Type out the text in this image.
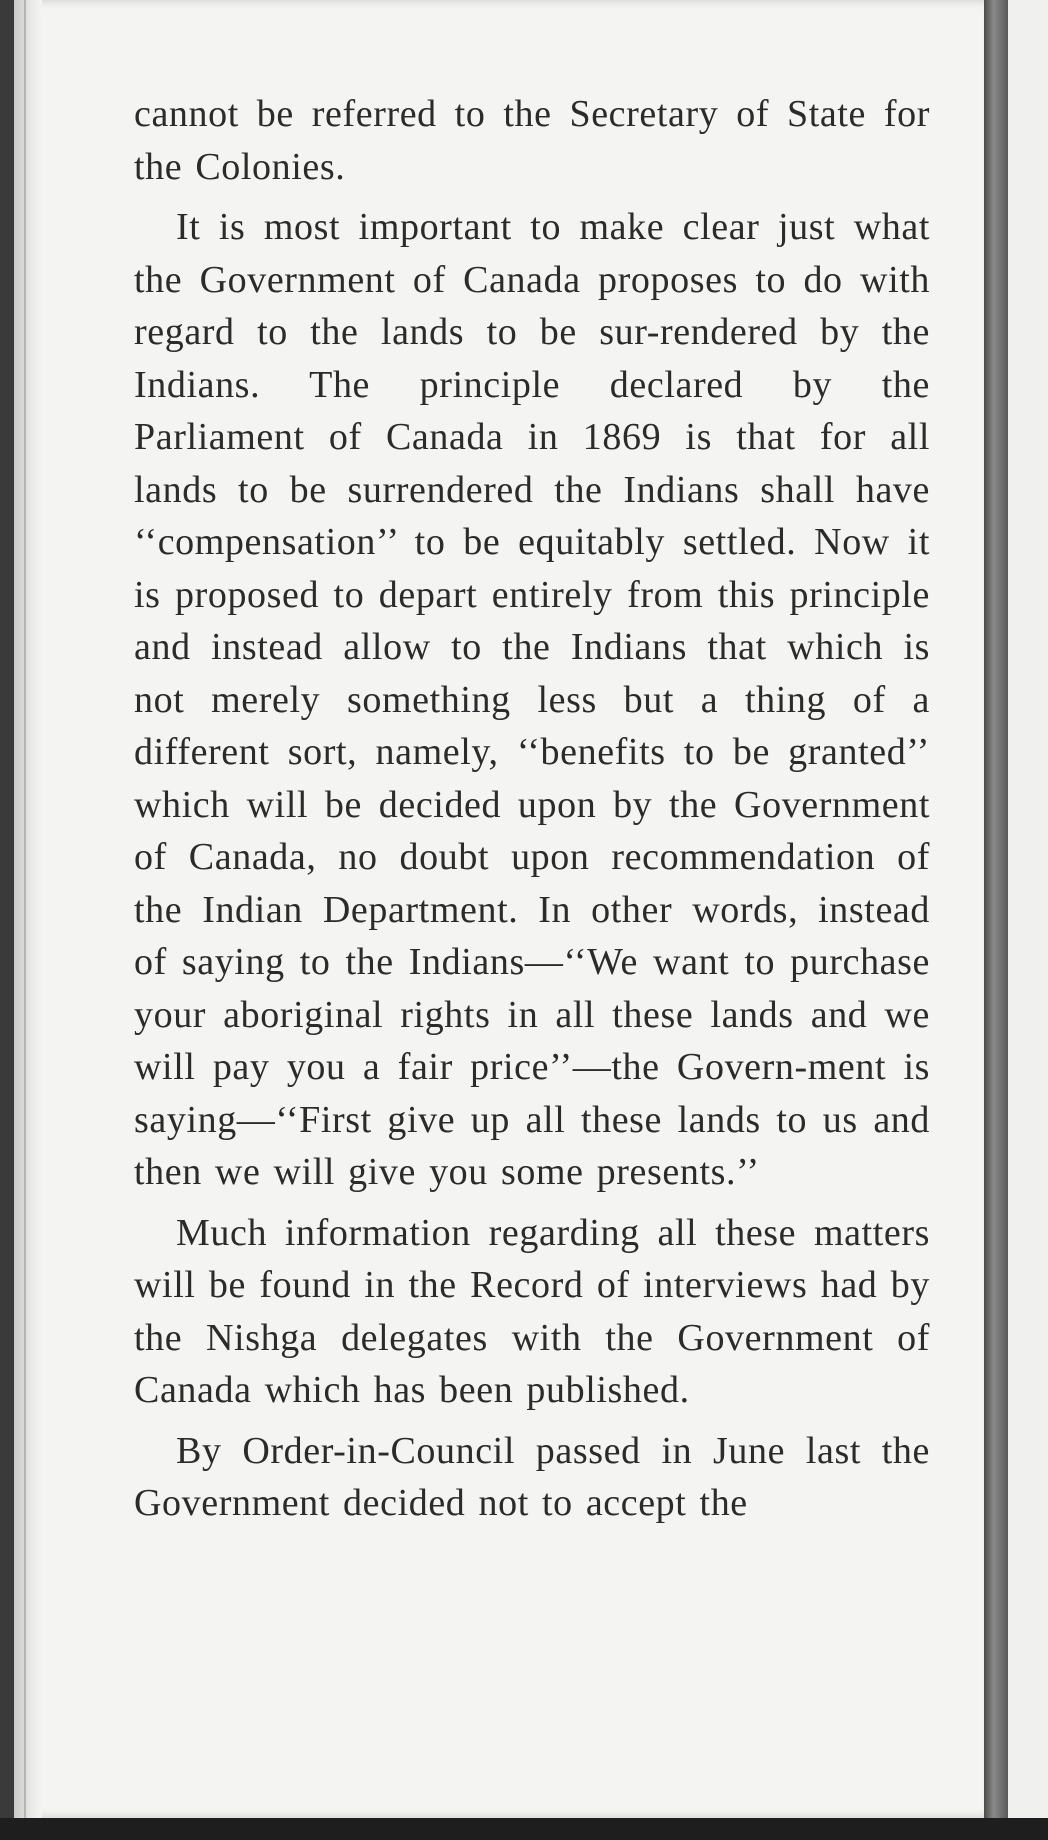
cannot be referred to the Secretary of State for the Colonies.

It is most important to make clear just what the Government of Canada proposes to do with regard to the lands to be sur-rendered by the Indians. The principle declared by the Parliament of Canada in 1869 is that for all lands to be surrendered the Indians shall have ‘‘compensation’’ to be equitably settled. Now it is proposed to depart entirely from this principle and instead allow to the Indians that which is not merely something less but a thing of a different sort, namely, ‘‘benefits to be granted’’ which will be decided upon by the Government of Canada, no doubt upon recommendation of the Indian Department. In other words, instead of saying to the Indians—‘‘We want to purchase your aboriginal rights in all these lands and we will pay you a fair price’’—the Govern-ment is saying—‘‘First give up all these lands to us and then we will give you some presents.’’

Much information regarding all these matters will be found in the Record of interviews had by the Nishga delegates with the Government of Canada which has been published.

By Order-in-Council passed in June last the Government decided not to accept the
